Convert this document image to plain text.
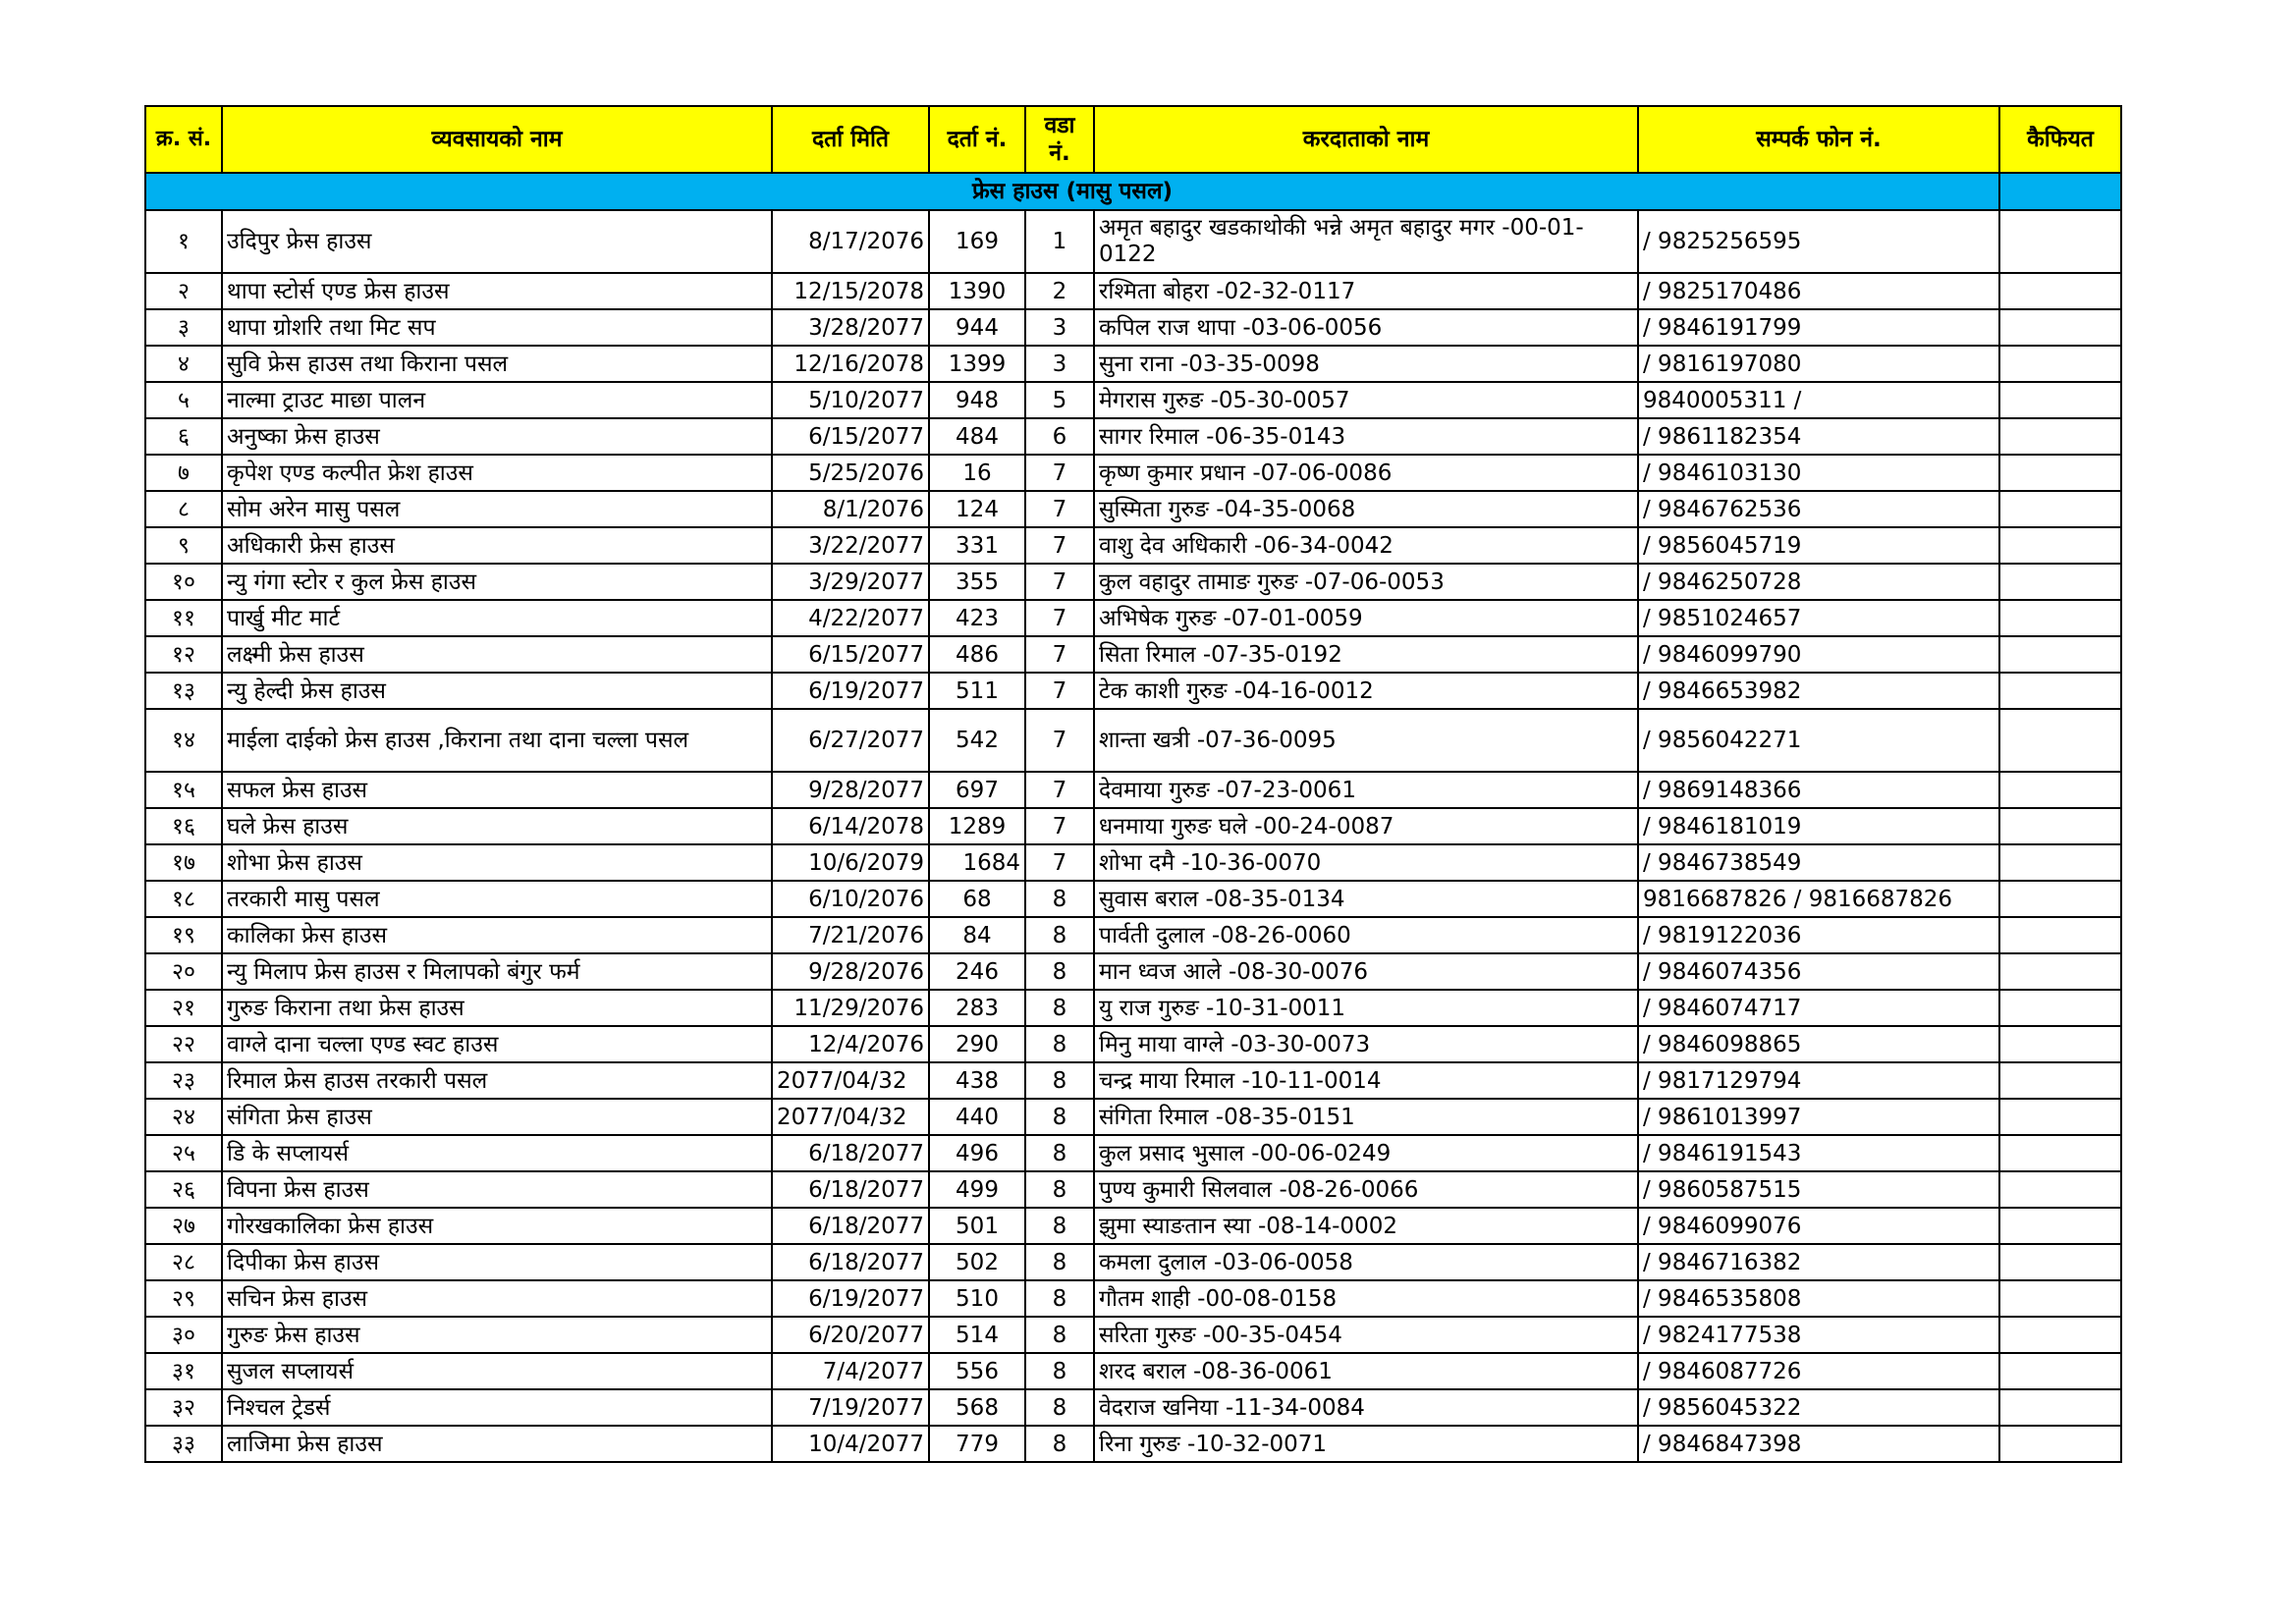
क्र. सं.	व्यवसायको नाम	दर्ता मिति	दर्ता नं.	वडा नं.	करदाताको नाम	सम्पर्क फोन नं.	कैफियत
फ्रेस हाउस (मासु पसल)							
१	उदिपुर फ्रेस हाउस	8/17/2076	169	1	अमृत बहादुर खडकाथोकी भन्ने अमृत बहादुर मगर -00-01-0122	/ 9825256595	
२	थापा स्टोर्स एण्ड फ्रेस हाउस	12/15/2078	1390	2	रश्मिता बोहरा -02-32-0117	/ 9825170486	
३	थापा ग्रोशरि तथा मिट सप	3/28/2077	944	3	कपिल राज थापा -03-06-0056	/ 9846191799	
४	सुवि फ्रेस हाउस तथा किराना पसल	12/16/2078	1399	3	सुना राना -03-35-0098	/ 9816197080	
५	नाल्मा ट्राउट माछा पालन	5/10/2077	948	5	मेगरास गुरुङ -05-30-0057	9840005311 /	
६	अनुष्का फ्रेस हाउस	6/15/2077	484	6	सागर रिमाल -06-35-0143	/ 9861182354	
७	कृपेश एण्ड कल्पीत फ्रेश हाउस	5/25/2076	16	7	कृष्ण कुमार प्रधान -07-06-0086	/ 9846103130	
८	सोम अरेन मासु पसल	8/1/2076	124	7	सुस्मिता गुरुङ -04-35-0068	/ 9846762536	
९	अधिकारी फ्रेस हाउस	3/22/2077	331	7	वाशु देव अधिकारी -06-34-0042	/ 9856045719	
१०	न्यु गंगा स्टोर र कुल फ्रेस हाउस	3/29/2077	355	7	कुल वहादुर तामाङ गुरुङ -07-06-0053	/ 9846250728	
११	पार्खु मीट मार्ट	4/22/2077	423	7	अभिषेक गुरुङ -07-01-0059	/ 9851024657	
१२	लक्ष्मी फ्रेस हाउस	6/15/2077	486	7	सिता रिमाल -07-35-0192	/ 9846099790	
१३	न्यु हेल्दी फ्रेस हाउस	6/19/2077	511	7	टेक काशी गुरुङ -04-16-0012	/ 9846653982	
१४	माईला दाईको फ्रेस हाउस ,किराना तथा दाना चल्ला पसल	6/27/2077	542	7	शान्ता खत्री -07-36-0095	/ 9856042271	
१५	सफल फ्रेस हाउस	9/28/2077	697	7	देवमाया गुरुङ -07-23-0061	/ 9869148366	
१६	घले फ्रेस हाउस	6/14/2078	1289	7	धनमाया गुरुङ घले -00-24-0087	/ 9846181019	
१७	शोभा फ्रेस हाउस	10/6/2079	1684	7	शोभा दमै -10-36-0070	/ 9846738549	
१८	तरकारी मासु पसल	6/10/2076	68	8	सुवास बराल -08-35-0134	9816687826 / 9816687826	
१९	कालिका फ्रेस हाउस	7/21/2076	84	8	पार्वती दुलाल -08-26-0060	/ 9819122036	
२०	न्यु मिलाप फ्रेस हाउस र मिलापको बंगुर फर्म	9/28/2076	246	8	मान ध्वज आले -08-30-0076	/ 9846074356	
२१	गुरुङ किराना तथा फ्रेस हाउस	11/29/2076	283	8	यु राज गुरुङ -10-31-0011	/ 9846074717	
२२	वाग्ले दाना चल्ला एण्ड स्वट हाउस	12/4/2076	290	8	मिनु माया वाग्ले -03-30-0073	/ 9846098865	
२३	रिमाल फ्रेस हाउस तरकारी पसल	2077/04/32	438	8	चन्द्र माया रिमाल -10-11-0014	/ 9817129794	
२४	संगिता फ्रेस हाउस	2077/04/32	440	8	संगिता रिमाल -08-35-0151	/ 9861013997	
२५	डि के सप्लायर्स	6/18/2077	496	8	कुल प्रसाद भुसाल -00-06-0249	/ 9846191543	
२६	विपना फ्रेस हाउस	6/18/2077	499	8	पुण्य कुमारी सिलवाल -08-26-0066	/ 9860587515	
२७	गोरखकालिका फ्रेस हाउस	6/18/2077	501	8	झुमा स्याङतान स्या -08-14-0002	/ 9846099076	
२८	दिपीका फ्रेस हाउस	6/18/2077	502	8	कमला दुलाल -03-06-0058	/ 9846716382	
२९	सचिन फ्रेस हाउस	6/19/2077	510	8	गौतम शाही -00-08-0158	/ 9846535808	
३०	गुरुङ फ्रेस हाउस	6/20/2077	514	8	सरिता गुरुङ -00-35-0454	/ 9824177538	
३१	सुजल सप्लायर्स	7/4/2077	556	8	शरद बराल -08-36-0061	/ 9846087726	
३२	निश्चल ट्रेडर्स	7/19/2077	568	8	वेदराज खनिया -11-34-0084	/ 9856045322	
३३	लाजिमा फ्रेस हाउस	10/4/2077	779	8	रिना गुरुङ -10-32-0071	/ 9846847398	
